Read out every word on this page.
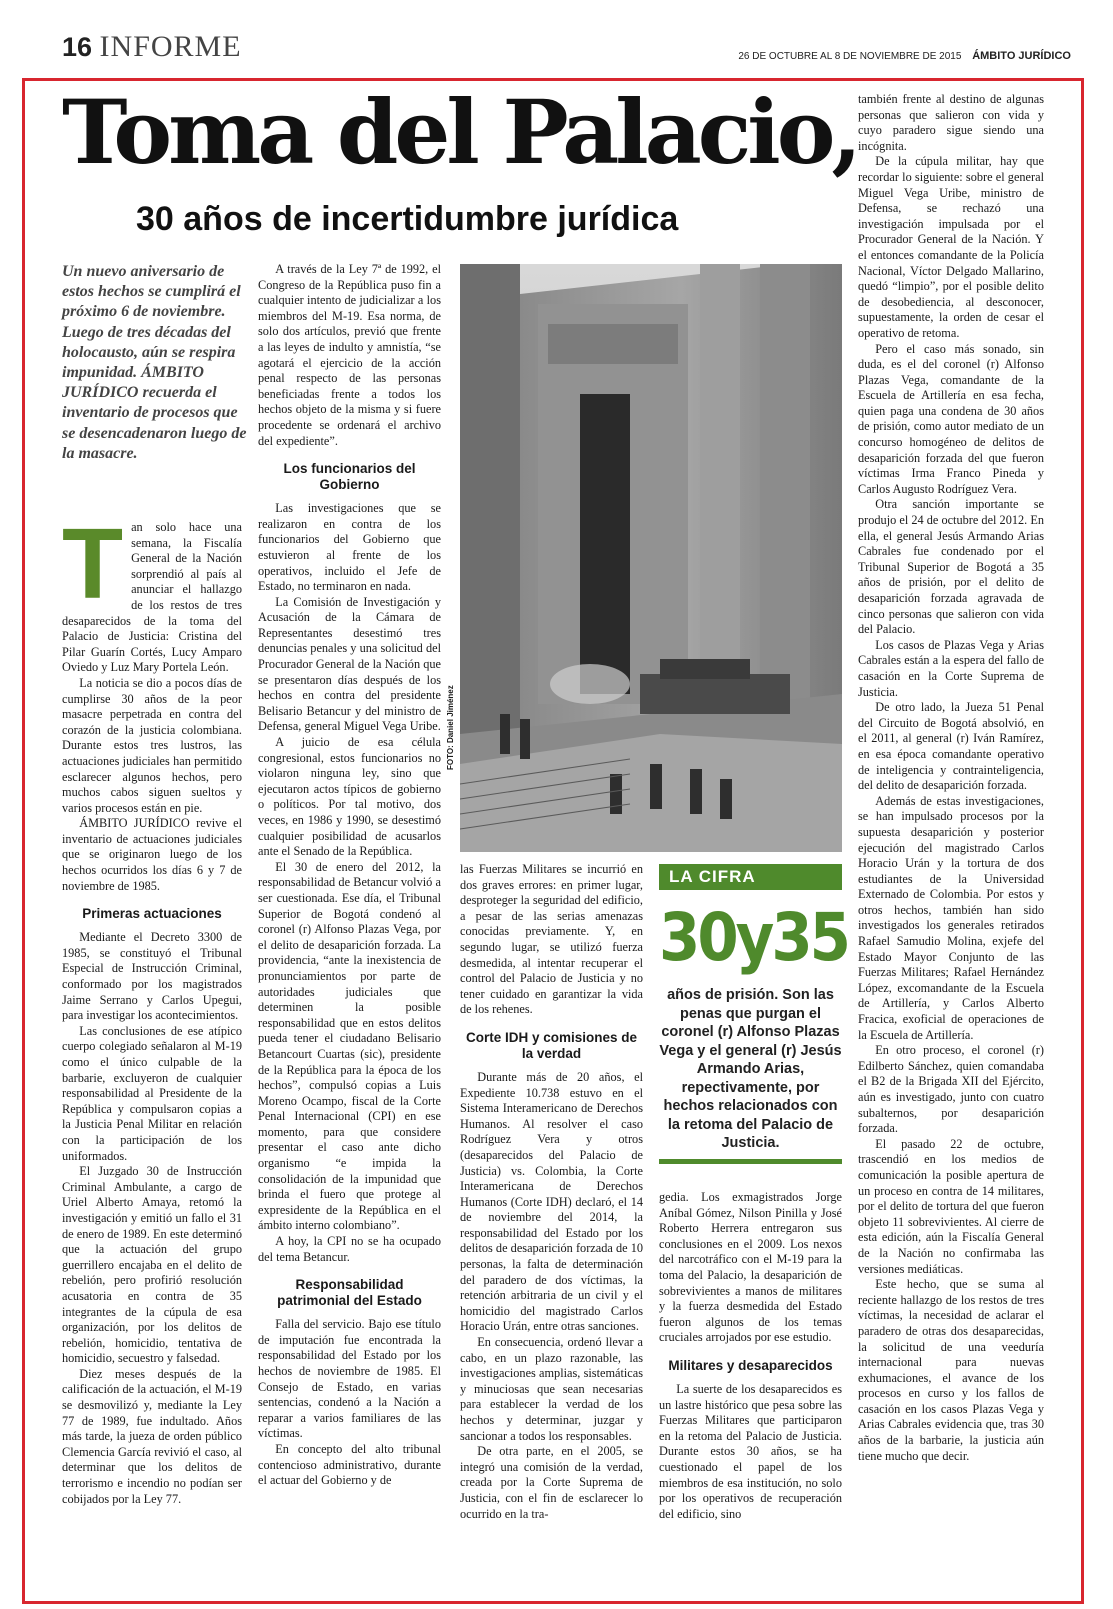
16 INFORME	26 DE OCTUBRE AL 8 DE NOVIEMBRE DE 2015 ÁMBITO JURÍDICO
Toma del Palacio,
30 años de incertidumbre jurídica
Un nuevo aniversario de estos hechos se cumplirá el próximo 6 de noviembre. Luego de tres décadas del holocausto, aún se respira impunidad. ÁMBITO JURÍDICO recuerda el inventario de procesos que se desencadenaron luego de la masacre.

T an solo hace una semana, la Fiscalía General de la Nación sorprendió al país al anunciar el hallazgo de los restos de tres desaparecidos de la toma del Palacio de Justicia: Cristina del Pilar Guarín Cortés, Lucy Amparo Oviedo y Luz Mary Portela León.

La noticia se dio a pocos días de cumplirse 30 años de la peor masacre perpetrada en contra del corazón de la justicia colombiana. Durante estos tres lustros, las actuaciones judiciales han permitido esclarecer algunos hechos, pero muchos cabos siguen sueltos y varios procesos están en pie.

ÁMBITO JURÍDICO revive el inventario de actuaciones judiciales que se originaron luego de los hechos ocurridos los días 6 y 7 de noviembre de 1985.

Primeras actuaciones

Mediante el Decreto 3300 de 1985, se constituyó el Tribunal Especial de Instrucción Criminal, conformado por los magistrados Jaime Serrano y Carlos Upegui, para investigar los acontecimientos.

Las conclusiones de ese atípico cuerpo colegiado señalaron al M-19 como el único culpable de la barbarie, excluyeron de cualquier responsabilidad al Presidente de la República y compulsaron copias a la Justicia Penal Militar en relación con la participación de los uniformados.

El Juzgado 30 de Instrucción Criminal Ambulante, a cargo de Uriel Alberto Amaya, retomó la investigación y emitió un fallo el 31 de enero de 1989. En este determinó que la actuación del grupo guerrillero encajaba en el delito de rebelión, pero profirió resolución acusatoria en contra de 35 integrantes de la cúpula de esa organización, por los delitos de rebelión, homicidio, tentativa de homicidio, secuestro y falsedad.

Diez meses después de la calificación de la actuación, el M-19 se desmovilizó y, mediante la Ley 77 de 1989, fue indultado. Años más tarde, la jueza de orden público Clemencia García revivió el caso, al determinar que los delitos de terrorismo e incendio no podían ser cobijados por la Ley 77.

A través de la Ley 7ª de 1992, el Congreso de la República puso fin a cualquier intento de judicializar a los miembros del M-19. Esa norma, de solo dos artículos, previó que frente a las leyes de indulto y amnistía, “se agotará el ejercicio de la acción penal respecto de las personas beneficiadas frente a todos los hechos objeto de la misma y si fuere procedente se ordenará el archivo del expediente”.

Los funcionarios del Gobierno

Las investigaciones que se realizaron en contra de los funcionarios del Gobierno que estuvieron al frente de los operativos, incluido el Jefe de Estado, no terminaron en nada.

La Comisión de Investigación y Acusación de la Cámara de Representantes desestimó tres denuncias penales y una solicitud del Procurador General de la Nación que se presentaron días después de los hechos en contra del presidente Belisario Betancur y del ministro de Defensa, general Miguel Vega Uribe.

A juicio de esa célula congresional, estos funcionarios no violaron ninguna ley, sino que ejecutaron actos típicos de gobierno o políticos. Por tal motivo, dos veces, en 1986 y 1990, se desestimó cualquier posibilidad de acusarlos ante el Senado de la República.

El 30 de enero del 2012, la responsabilidad de Betancur volvió a ser cuestionada. Ese día, el Tribunal Superior de Bogotá condenó al coronel (r) Alfonso Plazas Vega, por el delito de desaparición forzada. La providencia, “ante la inexistencia de pronunciamientos por parte de autoridades judiciales que determinen la posible responsabilidad que en estos delitos pueda tener el ciudadano Belisario Betancourt Cuartas (sic), presidente de la República para la época de los hechos”, compulsó copias a Luis Moreno Ocampo, fiscal de la Corte Penal Internacional (CPI) en ese momento, para que considere presentar el caso ante dicho organismo “e impida la consolidación de la impunidad que brinda el fuero que protege al expresidente de la República en el ámbito interno colombiano”.

A hoy, la CPI no se ha ocupado del tema Betancur.

Responsabilidad patrimonial del Estado

Falla del servicio. Bajo ese título de imputación fue encontrada la responsabilidad del Estado por los hechos de noviembre de 1985. El Consejo de Estado, en varias sentencias, condenó a la Nación a reparar a varios familiares de las víctimas.

En concepto del alto tribunal contencioso administrativo, durante el actuar del Gobierno y de

FOTO: Daniel Jiménez

las Fuerzas Militares se incurrió en dos graves errores: en primer lugar, desproteger la seguridad del edificio, a pesar de las serias amenazas conocidas previamente. Y, en segundo lugar, se utilizó fuerza desmedida, al intentar recuperar el control del Palacio de Justicia y no tener cuidado en garantizar la vida de los rehenes.

Corte IDH y comisiones de la verdad

Durante más de 20 años, el Expediente 10.738 estuvo en el Sistema Interamericano de Derechos Humanos. Al resolver el caso Rodríguez Vera y otros (desaparecidos del Palacio de Justicia) vs. Colombia, la Corte Interamericana de Derechos Humanos (Corte IDH) declaró, el 14 de noviembre del 2014, la responsabilidad del Estado por los delitos de desaparición forzada de 10 personas, la falta de determinación del paradero de dos víctimas, la retención arbitraria de un civil y el homicidio del magistrado Carlos Horacio Urán, entre otras sanciones.

En consecuencia, ordenó llevar a cabo, en un plazo razonable, las investigaciones amplias, sistemáticas y minuciosas que sean necesarias para establecer la verdad de los hechos y determinar, juzgar y sancionar a todos los responsables.

De otra parte, en el 2005, se integró una comisión de la verdad, creada por la Corte Suprema de Justicia, con el fin de esclarecer lo ocurrido en la tra-

LA CIFRA
30y35
años de prisión. Son las penas que purgan el coronel (r) Alfonso Plazas Vega y el general (r) Jesús Armando Arias, repectivamente, por hechos relacionados con la retoma del Palacio de Justicia.

gedia. Los exmagistrados Jorge Aníbal Gómez, Nilson Pinilla y José Roberto Herrera entregaron sus conclusiones en el 2009. Los nexos del narcotráfico con el M-19 para la toma del Palacio, la desaparición de sobrevivientes a manos de militares y la fuerza desmedida del Estado fueron algunos de los temas cruciales arrojados por ese estudio.

Militares y desaparecidos

La suerte de los desaparecidos es un lastre histórico que pesa sobre las Fuerzas Militares que participaron en la retoma del Palacio de Justicia. Durante estos 30 años, se ha cuestionado el papel de los miembros de esa institución, no solo por los operativos de recuperación del edificio, sino

también frente al destino de algunas personas que salieron con vida y cuyo paradero sigue siendo una incógnita.

De la cúpula militar, hay que recordar lo siguiente: sobre el general Miguel Vega Uribe, ministro de Defensa, se rechazó una investigación impulsada por el Procurador General de la Nación. Y el entonces comandante de la Policía Nacional, Víctor Delgado Mallarino, quedó “limpio”, por el posible delito de desobediencia, al desconocer, supuestamente, la orden de cesar el operativo de retoma.

Pero el caso más sonado, sin duda, es el del coronel (r) Alfonso Plazas Vega, comandante de la Escuela de Artillería en esa fecha, quien paga una condena de 30 años de prisión, como autor mediato de un concurso homogéneo de delitos de desaparición forzada del que fueron víctimas Irma Franco Pineda y Carlos Augusto Rodríguez Vera.

Otra sanción importante se produjo el 24 de octubre del 2012. En ella, el general Jesús Armando Arias Cabrales fue condenado por el Tribunal Superior de Bogotá a 35 años de prisión, por el delito de desaparición forzada agravada de cinco personas que salieron con vida del Palacio.

Los casos de Plazas Vega y Arias Cabrales están a la espera del fallo de casación en la Corte Suprema de Justicia.

De otro lado, la Jueza 51 Penal del Circuito de Bogotá absolvió, en el 2011, al general (r) Iván Ramírez, en esa época comandante operativo de inteligencia y contrainteligencia, del delito de desaparición forzada.

Además de estas investigaciones, se han impulsado procesos por la supuesta desaparición y posterior ejecución del magistrado Carlos Horacio Urán y la tortura de dos estudiantes de la Universidad Externado de Colombia. Por estos y otros hechos, también han sido investigados los generales retirados Rafael Samudio Molina, exjefe del Estado Mayor Conjunto de las Fuerzas Militares; Rafael Hernández López, excomandante de la Escuela de Artillería, y Carlos Alberto Fracica, exoficial de operaciones de la Escuela de Artillería.

En otro proceso, el coronel (r) Edilberto Sánchez, quien comandaba el B2 de la Brigada XII del Ejército, aún es investigado, junto con cuatro subalternos, por desaparición forzada.

El pasado 22 de octubre, trascendió en los medios de comunicación la posible apertura de un proceso en contra de 14 militares, por el delito de tortura del que fueron objeto 11 sobrevivientes. Al cierre de esta edición, aún la Fiscalía General de la Nación no confirmaba las versiones mediáticas.

Este hecho, que se suma al reciente hallazgo de los restos de tres víctimas, la necesidad de aclarar el paradero de otras dos desaparecidas, la solicitud de una veeduría internacional para nuevas exhumaciones, el avance de los procesos en curso y los fallos de casación en los casos Plazas Vega y Arias Cabrales evidencia que, tras 30 años de la barbarie, la justicia aún tiene mucho que decir.
